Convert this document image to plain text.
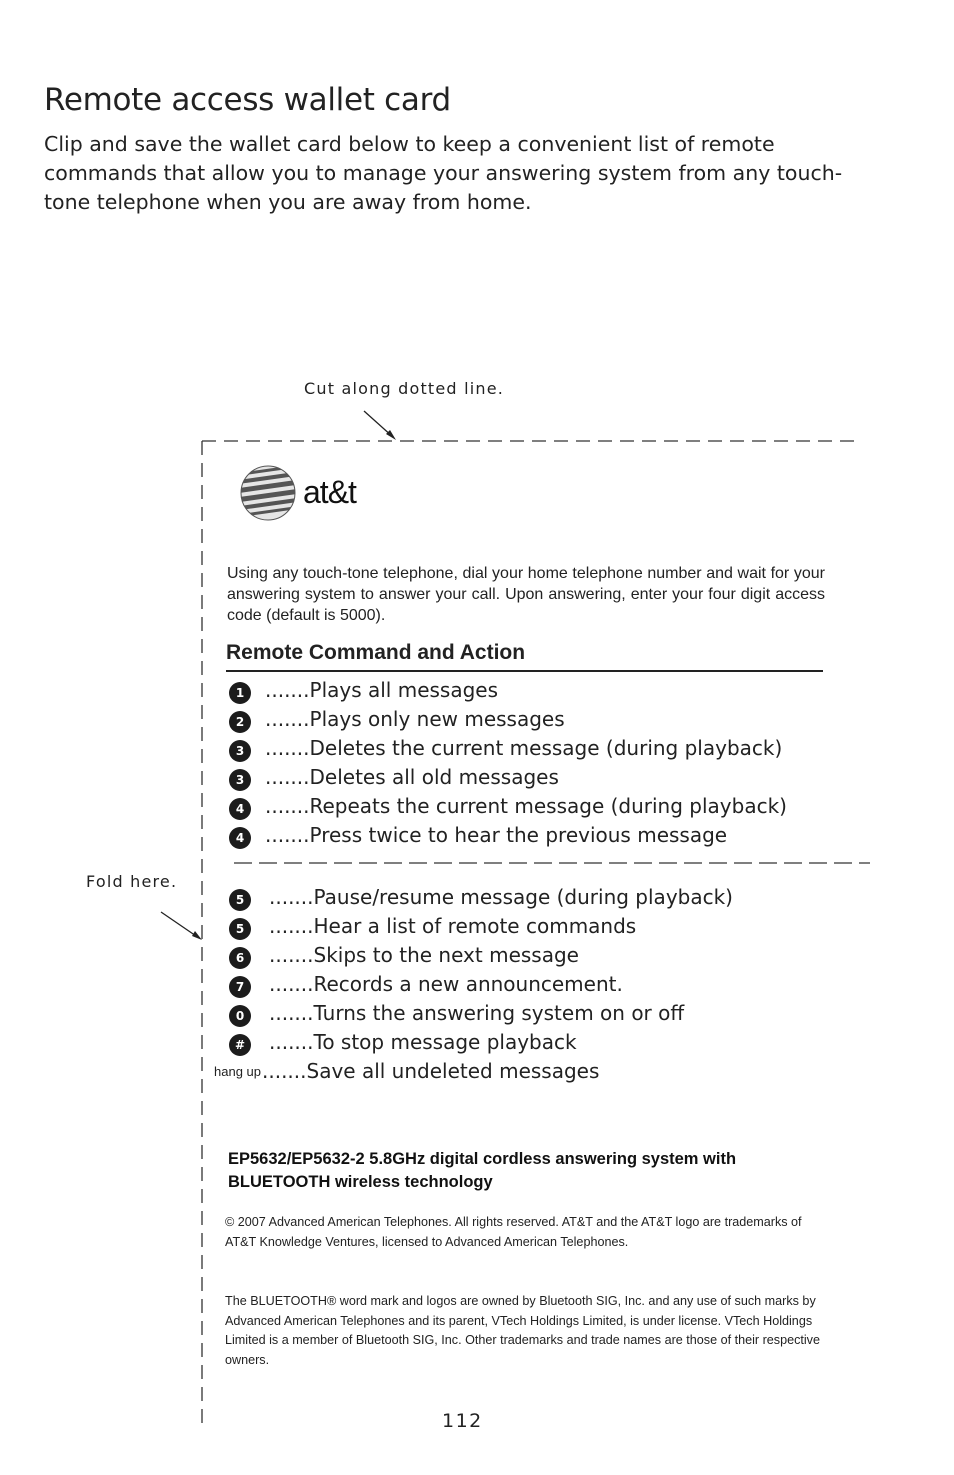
Remote access wallet card
Clip and save the wallet card below to keep a convenient list of remote commands that allow you to manage your answering system from any touch-tone telephone when you are away from home.
Cut along dotted line.
Fold here.
at&t
Using any touch-tone telephone, dial your home telephone number and wait for your answering system to answer your call. Upon answering, enter your four digit access code (default is 5000).
Remote Command and Action
1	.......Plays all messages
2	.......Plays only new messages
3	.......Deletes the current message (during playback)
3	.......Deletes all old messages
4	.......Repeats the current message (during playback)
4	.......Press twice to hear the previous message
5	.......Pause/resume message (during playback)
5	.......Hear a list of remote commands
6	.......Skips to the next message
7	.......Records a new announcement.
0	.......Turns the answering system on or off
# .......To stop message playback
hang up .......Save all undeleted messages
EP5632/EP5632-2 5.8GHz digital cordless answering system with BLUETOOTH wireless technology
© 2007 Advanced American Telephones. All rights reserved. AT&T and the AT&T logo are trademarks of AT&T Knowledge Ventures, licensed to Advanced American Telephones.
The BLUETOOTH® word mark and logos are owned by Bluetooth SIG, Inc. and any use of such marks by Advanced American Telephones and its parent, VTech Holdings Limited, is under license. VTech Holdings Limited is a member of Bluetooth SIG, Inc. Other trademarks and trade names are those of their respective owners.
112
